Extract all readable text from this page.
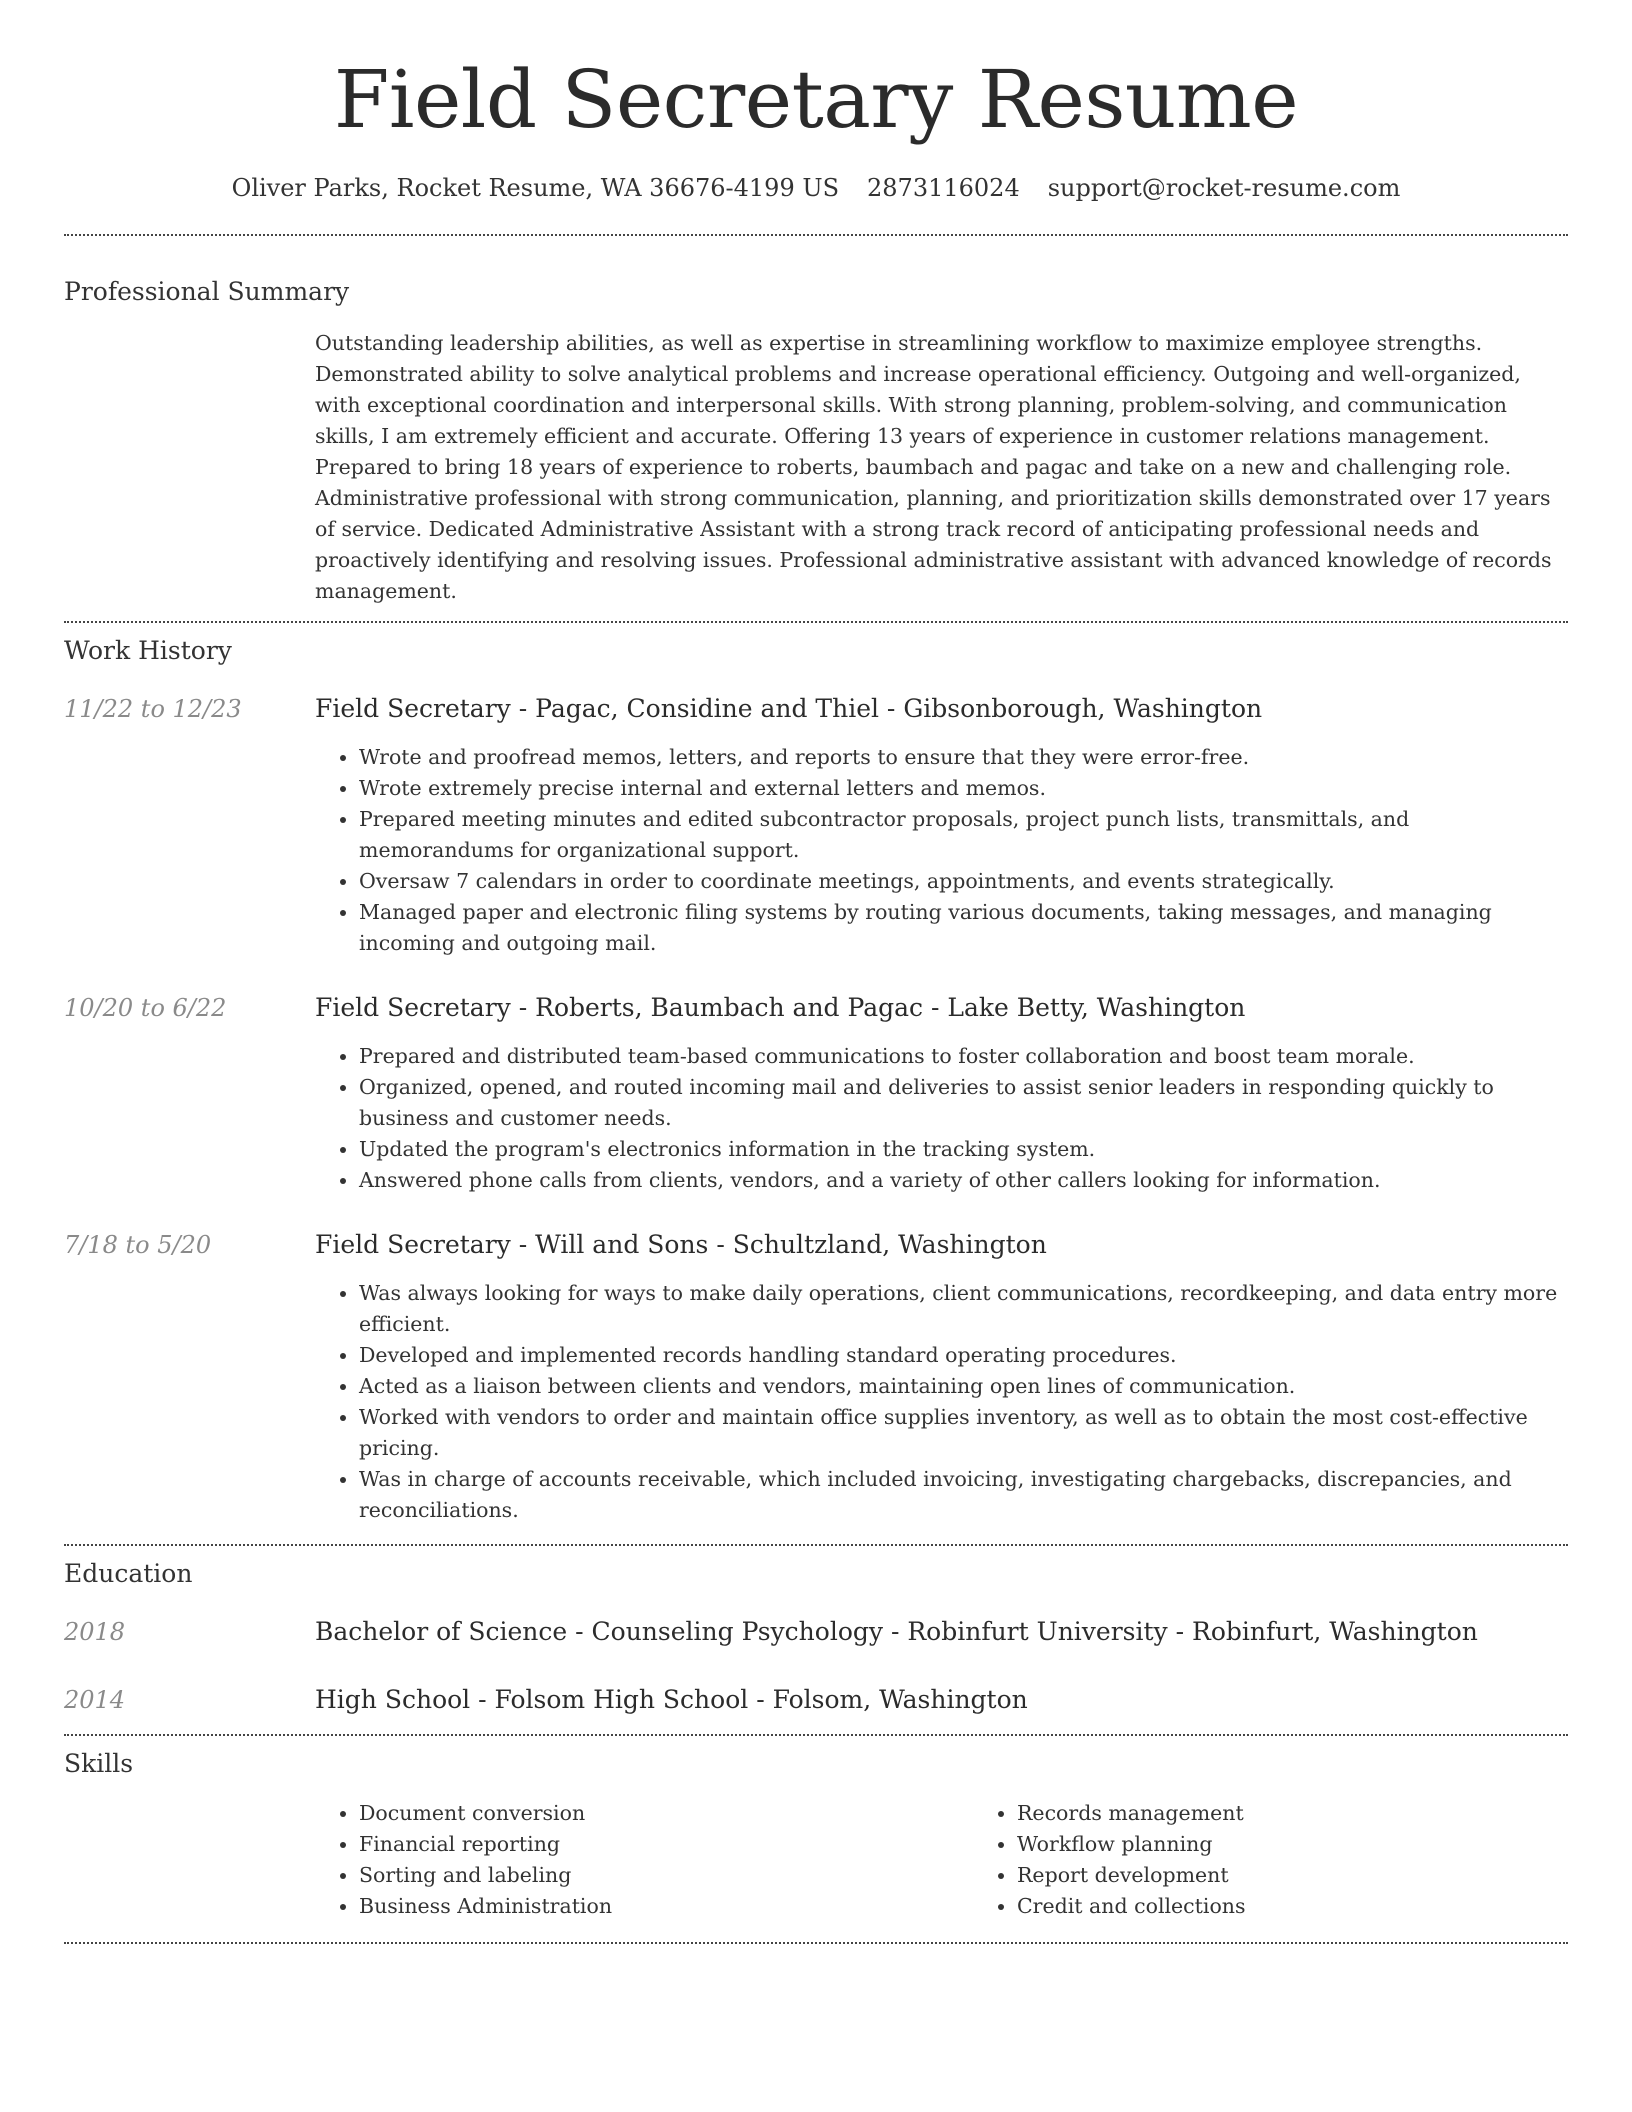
Field Secretary Resume
Oliver Parks, Rocket Resume, WA 36676-4199 US 2873116024 support@rocket-resume.com
Professional Summary

Outstanding leadership abilities, as well as expertise in streamlining workflow to maximize employee strengths. Demonstrated ability to solve analytical problems and increase operational efficiency. Outgoing and well-organized, with exceptional coordination and interpersonal skills. With strong planning, problem-solving, and communication skills, I am extremely efficient and accurate. Offering 13 years of experience in customer relations management. Prepared to bring 18 years of experience to roberts, baumbach and pagac and take on a new and challenging role. Administrative professional with strong communication, planning, and prioritization skills demonstrated over 17 years of service. Dedicated Administrative Assistant with a strong track record of anticipating professional needs and proactively identifying and resolving issues. Professional administrative assistant with advanced knowledge of records management.

Work History
11/22 to 12/23	Field Secretary - Pagac, Considine and Thiel - Gibsonborough, Washington
• Wrote and proofread memos, letters, and reports to ensure that they were error-free.
• Wrote extremely precise internal and external letters and memos.
• Prepared meeting minutes and edited subcontractor proposals, project punch lists, transmittals, and memorandums for organizational support.
• Oversaw 7 calendars in order to coordinate meetings, appointments, and events strategically.
• Managed paper and electronic filing systems by routing various documents, taking messages, and managing incoming and outgoing mail.
10/20 to 6/22	Field Secretary - Roberts, Baumbach and Pagac - Lake Betty, Washington
• Prepared and distributed team-based communications to foster collaboration and boost team morale.
• Organized, opened, and routed incoming mail and deliveries to assist senior leaders in responding quickly to business and customer needs.
• Updated the program's electronics information in the tracking system.
• Answered phone calls from clients, vendors, and a variety of other callers looking for information.
7/18 to 5/20	Field Secretary - Will and Sons - Schultzland, Washington
• Was always looking for ways to make daily operations, client communications, recordkeeping, and data entry more efficient.
• Developed and implemented records handling standard operating procedures.
• Acted as a liaison between clients and vendors, maintaining open lines of communication.
• Worked with vendors to order and maintain office supplies inventory, as well as to obtain the most cost-effective pricing.
• Was in charge of accounts receivable, which included invoicing, investigating chargebacks, discrepancies, and reconciliations.
Education
2018	Bachelor of Science - Counseling Psychology - Robinfurt University - Robinfurt, Washington
2014	High School - Folsom High School - Folsom, Washington
Skills
• Document conversion
• Financial reporting
• Sorting and labeling
• Business Administration
• Records management
• Workflow planning
• Report development
• Credit and collections
